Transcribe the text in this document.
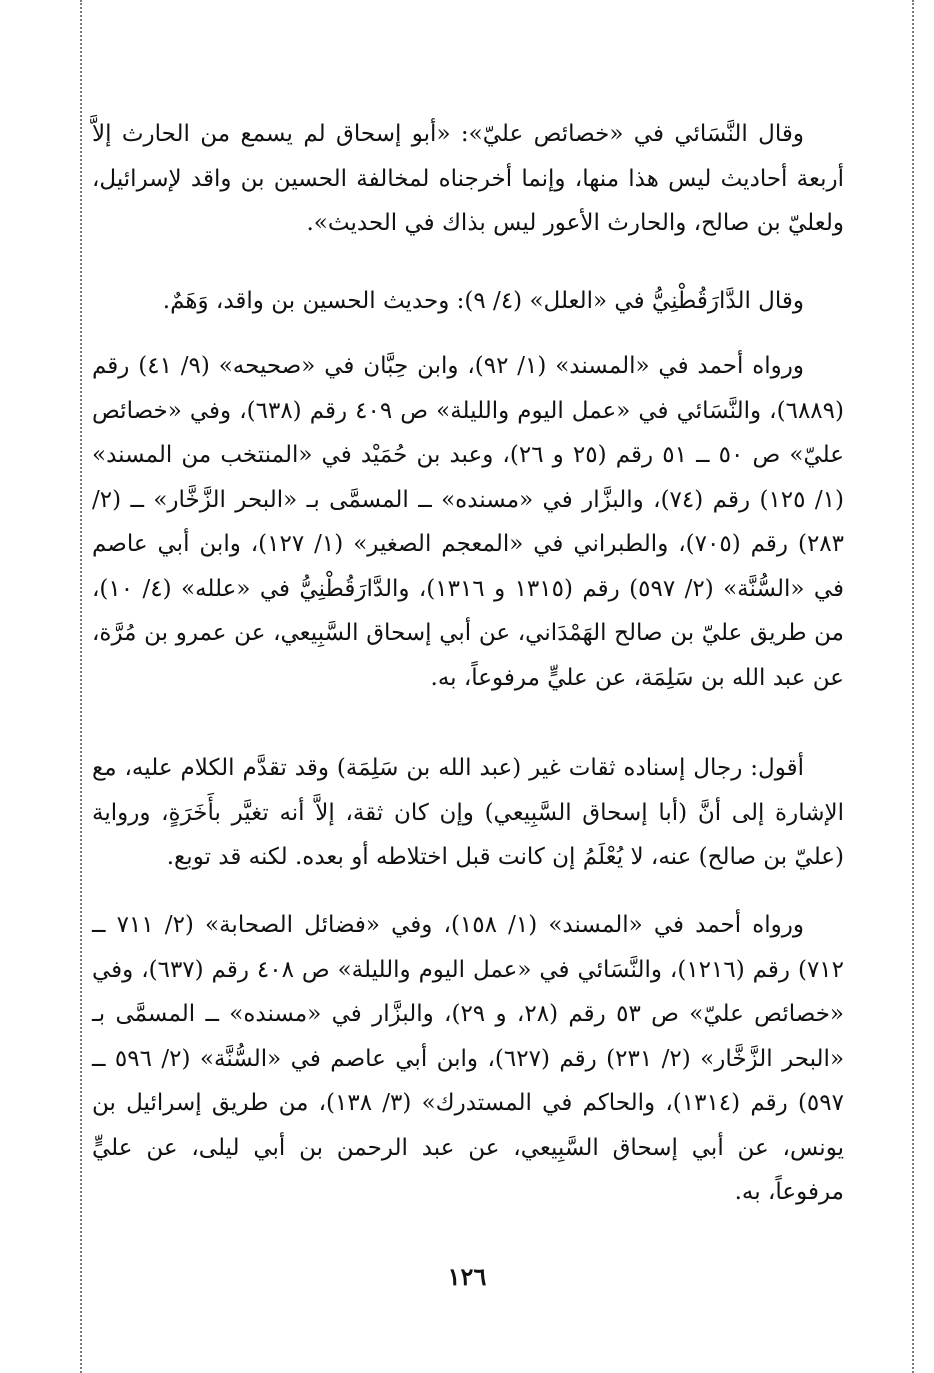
وقال النَّسَائي في «خصائص عليّ»: «أبو إسحاق لم يسمع من الحارث إلاَّ أربعة أحاديث ليس هذا منها، وإنما أخرجناه لمخالفة الحسين بن واقد لإسرائيل، ولعليّ بن صالح، والحارث الأعور ليس بذاك في الحديث».

وقال الدَّارَقُطْنِيُّ في «العلل» (٤/ ٩): وحديث الحسين بن واقد، وَهَمٌ.

ورواه أحمد في «المسند» (١/ ٩٢)، وابن حِبَّان في «صحيحه» (٩/ ٤١) رقم (٦٨٨٩)، والنَّسَائي في «عمل اليوم والليلة» ص ٤٠٩ رقم (٦٣٨)، وفي «خصائص عليّ» ص ٥٠ ــ ٥١ رقم (٢٥ و ٢٦)، وعبد بن حُمَيْد في «المنتخب من المسند» (١/ ١٢٥) رقم (٧٤)، والبزَّار في «مسنده» ــ المسمَّى بـ «البحر الزَّخَّار» ــ (٢/ ٢٨٣) رقم (٧٠٥)، والطبراني في «المعجم الصغير» (١/ ١٢٧)، وابن أبي عاصم في «السُّنَّة» (٢/ ٥٩٧) رقم (١٣١٥ و ١٣١٦)، والدَّارَقُطْنِيُّ في «علله» (٤/ ١٠)، من طريق عليّ بن صالح الهَمْدَاني، عن أبي إسحاق السَّبِيعي، عن عمرو بن مُرَّة، عن عبد الله بن سَلِمَة، عن عليٍّ مرفوعاً، به.

أقول: رجال إسناده ثقات غير (عبد الله بن سَلِمَة) وقد تقدَّم الكلام عليه، مع الإشارة إلى أنَّ (أبا إسحاق السَّبِيعي) وإن كان ثقة، إلاَّ أنه تغيَّر بأَخَرَةٍ، ورواية (عليّ بن صالح) عنه، لا يُعْلَمُ إن كانت قبل اختلاطه أو بعده. لكنه قد توبع.

ورواه أحمد في «المسند» (١/ ١٥٨)، وفي «فضائل الصحابة» (٢/ ٧١١ ــ ٧١٢) رقم (١٢١٦)، والنَّسَائي في «عمل اليوم والليلة» ص ٤٠٨ رقم (٦٣٧)، وفي «خصائص عليّ» ص ٥٣ رقم (٢٨، و ٢٩)، والبزَّار في «مسنده» ــ المسمَّى بـ «البحر الزَّخَّار» (٢/ ٢٣١) رقم (٦٢٧)، وابن أبي عاصم في «السُّنَّة» (٢/ ٥٩٦ ــ ٥٩٧) رقم (١٣١٤)، والحاكم في المستدرك» (٣/ ١٣٨)، من طريق إسرائيل بن يونس، عن أبي إسحاق السَّبِيعي، عن عبد الرحمن بن أبي ليلى، عن عليٍّ مرفوعاً، به.

١٢٦
